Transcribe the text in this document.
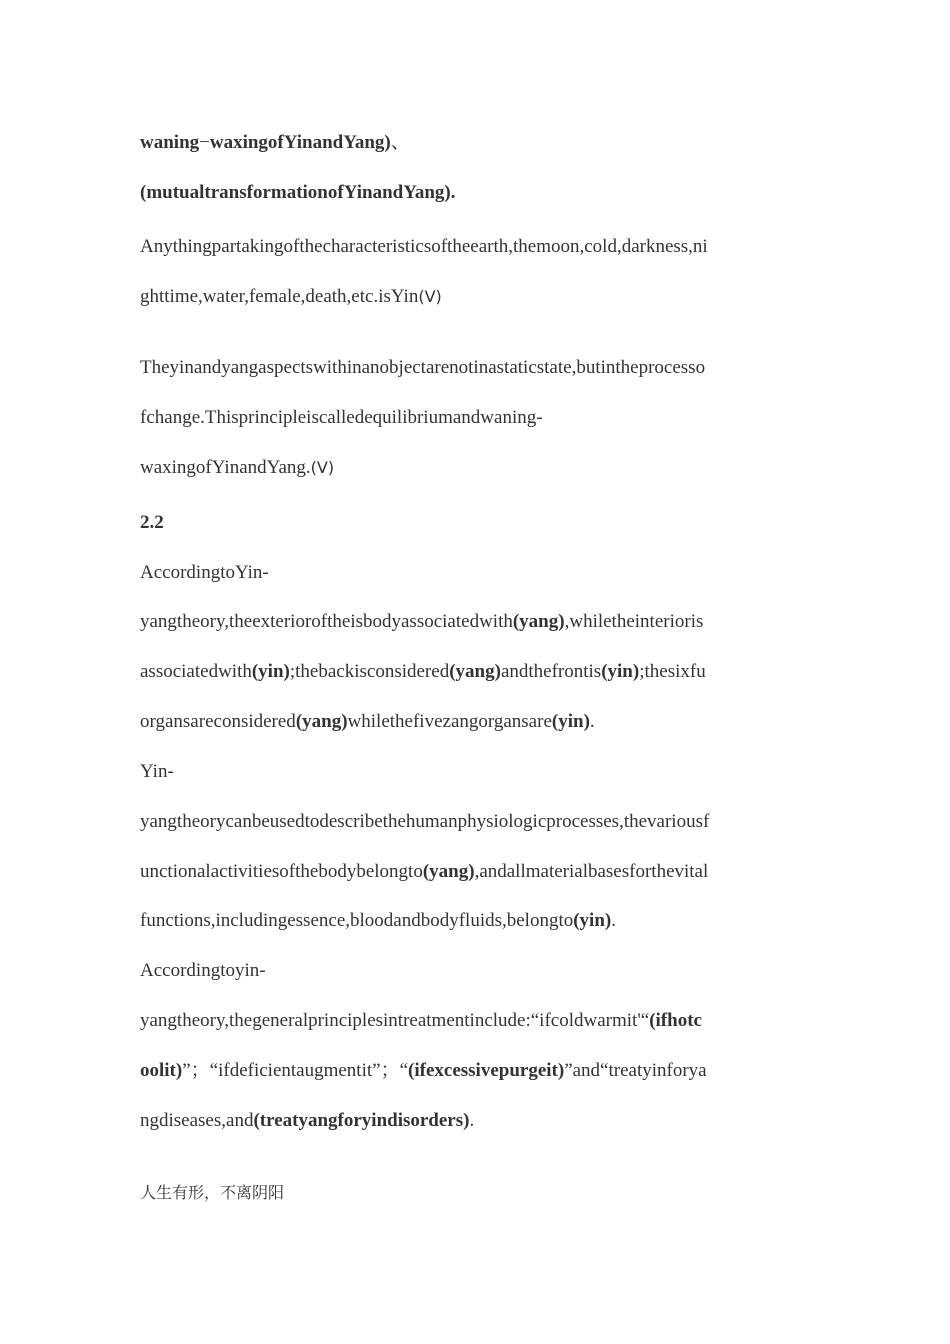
waning−waxingofYinandYang)、
(mutualtransformationofYinandYang).
Anythingpartakingofthecharacteristicsoftheearth,themoon,cold,darkness,ni
ghttime,water,female,death,etc.isYin(V)
Theyinandyangaspectswithinanobjectarenotinastaticstate,butintheprocesso
fchange.Thisprincipleiscalledequilibriumandwaning-
waxingofYinandYang.(V)
2.2
AccordingtoYin-
yangtheory,theexterioroftheisbodyassociatedwith(yang),whiletheinterioris
associatedwith(yin);thebackisconsidered(yang)andthefrontis(yin);thesixfu
organsareconsidered(yang)whilethefivezangorgansare(yin).
Yin-
yangtheorycanbeusedtodescribethehumanphysiologicprocesses,thevariousf
unctionalactivitiesofthebodybelongto(yang),andallmaterialbasesforthevital
functions,includingessence,bloodandbodyfluids,belongto(yin).
Accordingtoyin-
yangtheory,thegeneralprinciplesintreatmentinclude:“ifcoldwarmit'“(ifhotc
oolit)”；“ifdeficientaugmentit”；“(ifexcessivepurgeit)”and“treatyinforya
ngdiseases,and(treatyangforyindisorders).
人生有形，不离阴阳
